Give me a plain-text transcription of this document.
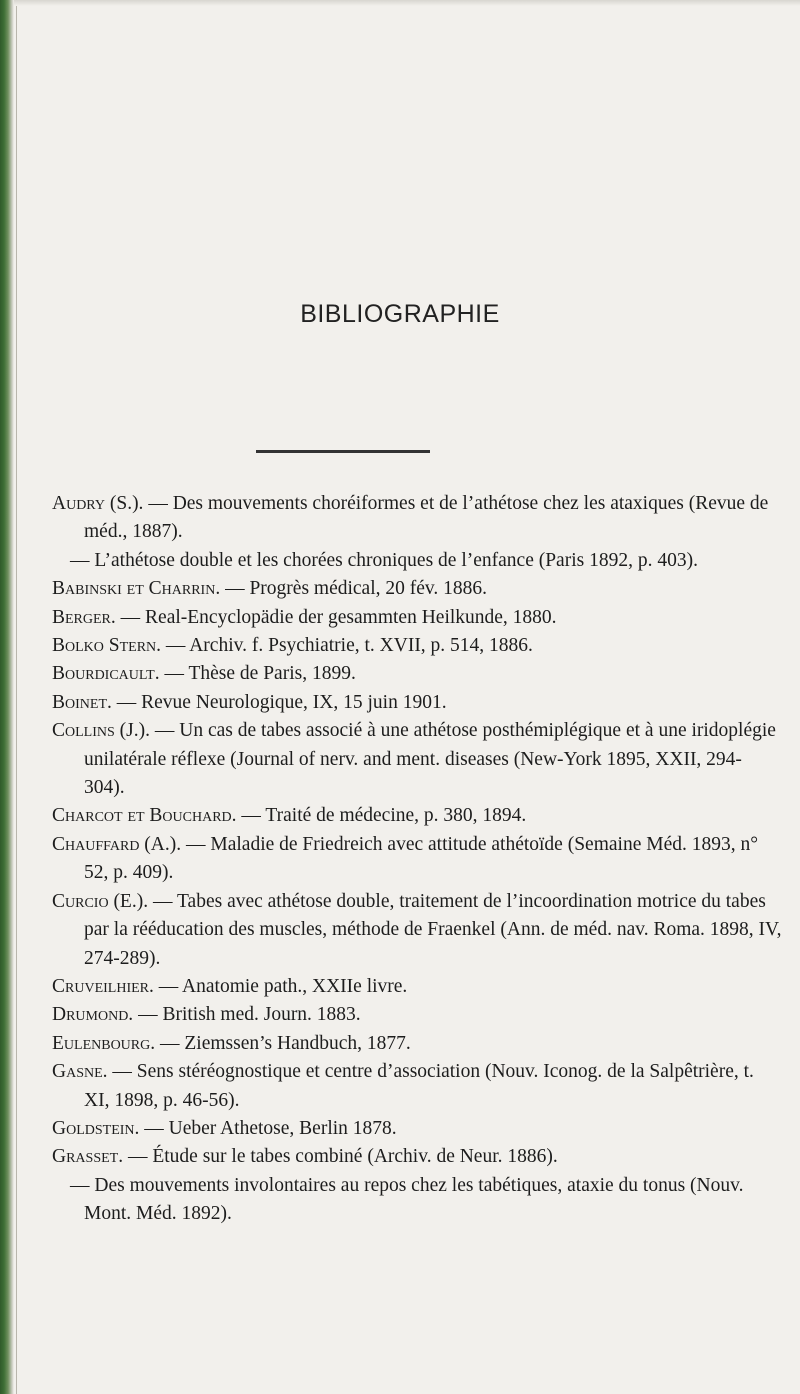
BIBLIOGRAPHIE

Audry (S.). — Des mouvements choréiformes et de l’athétose chez les ataxiques (Revue de méd., 1887).

— L’athétose double et les chorées chroniques de l’enfance (Paris 1892, p. 403).

Babinski et Charrin. — Progrès médical, 20 fév. 1886.

Berger. — Real-Encyclopädie der gesammten Heilkunde, 1880.

Bolko Stern. — Archiv. f. Psychiatrie, t. XVII, p. 514, 1886.

Bourdicault. — Thèse de Paris, 1899.

Boinet. — Revue Neurologique, IX, 15 juin 1901.

Collins (J.). — Un cas de tabes associé à une athétose posthémiplégique et à une iridoplégie unilatérale réflexe (Journal of nerv. and ment. diseases (New-York 1895, XXII, 294-304).

Charcot et Bouchard. — Traité de médecine, p. 380, 1894.

Chauffard (A.). — Maladie de Friedreich avec attitude athétoïde (Semaine Méd. 1893, n° 52, p. 409).

Curcio (E.). — Tabes avec athétose double, traitement de l’incoordination motrice du tabes par la rééducation des muscles, méthode de Fraenkel (Ann. de méd. nav. Roma. 1898, IV, 274-289).

Cruveilhier. — Anatomie path., XXIIe livre.

Drumond. — British med. Journ. 1883.

Eulenbourg. — Ziemssen’s Handbuch, 1877.

Gasne. — Sens stéréognostique et centre d’association (Nouv. Iconog. de la Salpêtrière, t. XI, 1898, p. 46-56).

Goldstein. — Ueber Athetose, Berlin 1878.

Grasset. — Étude sur le tabes combiné (Archiv. de Neur. 1886).

— Des mouvements involontaires au repos chez les tabétiques, ataxie du tonus (Nouv. Mont. Méd. 1892).
